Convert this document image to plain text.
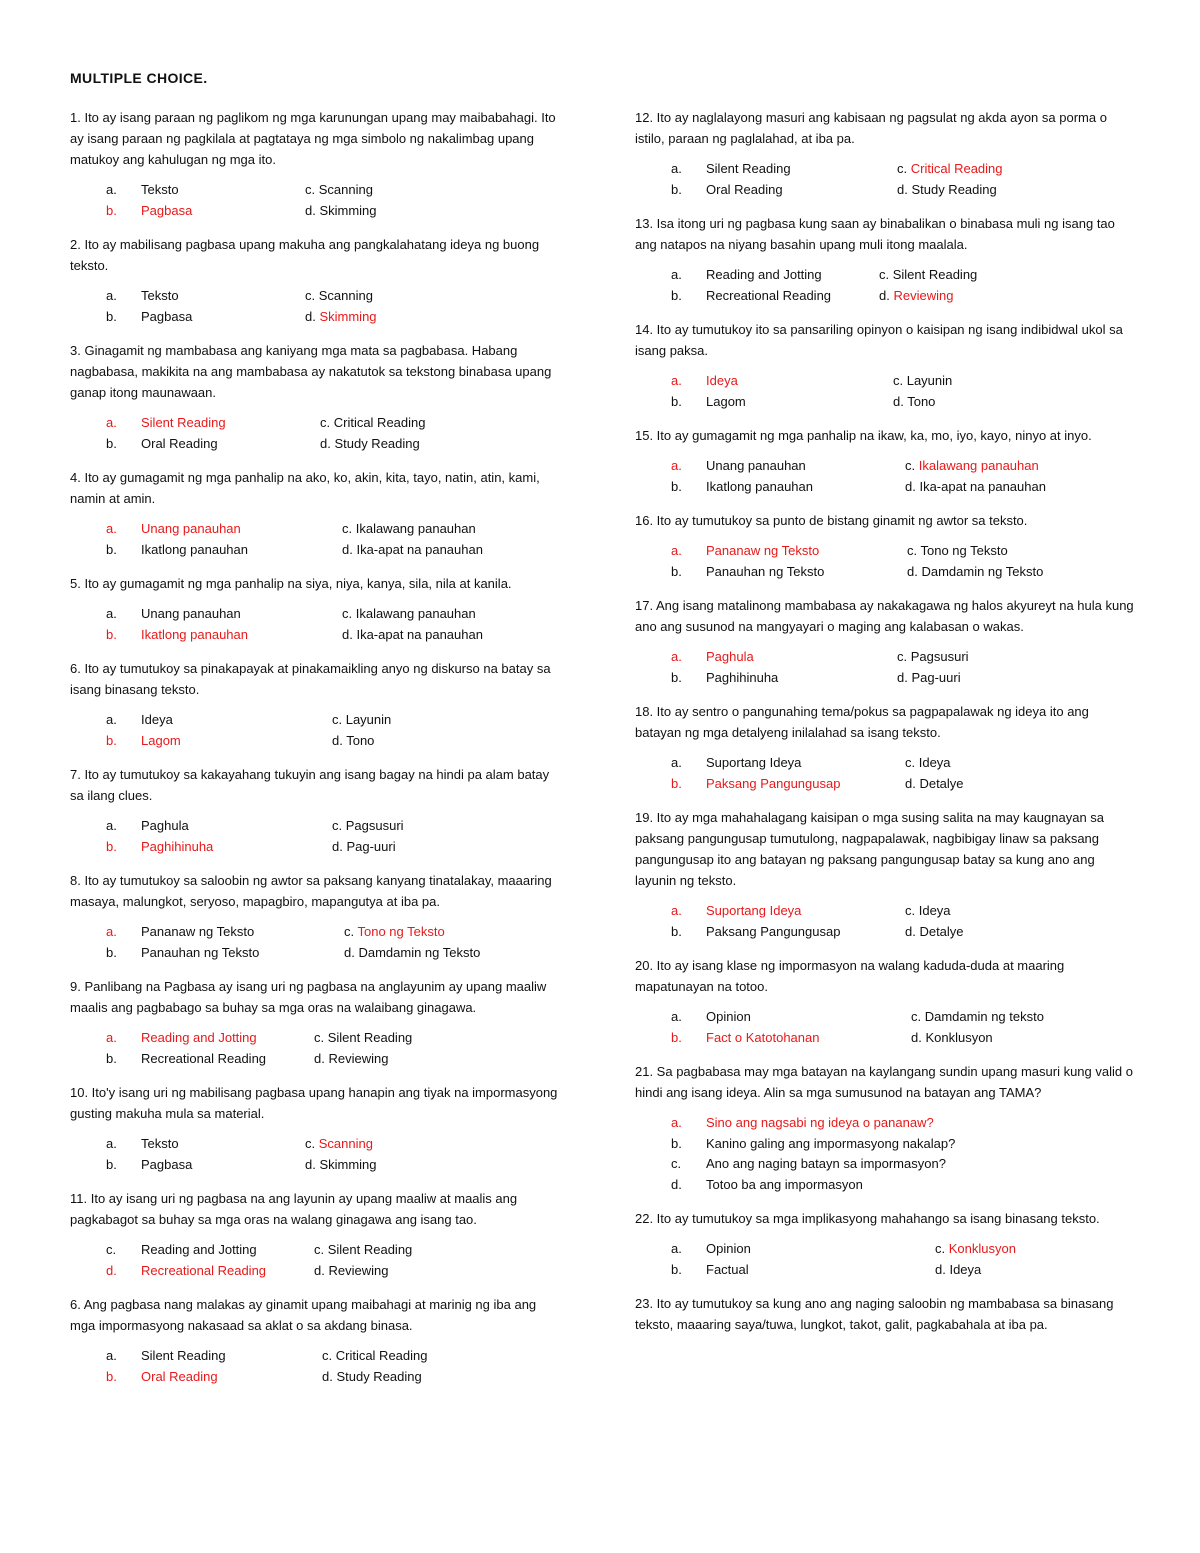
MULTIPLE CHOICE.
1. Ito ay isang paraan ng paglikom ng mga karunungan upang may maibabahagi. Ito ay isang paraan ng pagkilala at pagtataya ng mga simbolo ng nakalimbag upang matukoy ang kahulugan ng mga ito.
a. Teksto	c. Scanning
b. Pagbasa	d. Skimming
2. Ito ay mabilisang pagbasa upang makuha ang pangkalahatang ideya ng buong teksto.
a. Teksto	c. Scanning
b. Pagbasa	d. Skimming
3. Ginagamit ng mambabasa ang kaniyang mga mata sa pagbabasa. Habang nagbabasa, makikita na ang mambabasa ay nakatutok sa tekstong binabasa upang ganap itong maunawaan.
a. Silent Reading	c. Critical Reading
b. Oral Reading	d. Study Reading
4. Ito ay gumagamit ng mga panhalip na ako, ko, akin, kita, tayo, natin, atin, kami, namin at amin.
a. Unang panauhan	c. Ikalawang panauhan
b. Ikatlong panauhan	d. Ika-apat na panauhan
5. Ito ay gumagamit ng mga panhalip na siya, niya, kanya, sila, nila at kanila.
a. Unang panauhan	c. Ikalawang panauhan
b. Ikatlong panauhan	d. Ika-apat na panauhan
6. Ito ay tumutukoy sa pinakapayak at pinakamaikling anyo ng diskurso na batay sa isang binasang teksto.
a. Ideya	c. Layunin
b. Lagom	d. Tono
7. Ito ay tumutukoy sa kakayahang tukuyin ang isang bagay na hindi pa alam batay sa ilang clues.
a. Paghula	c. Pagsusuri
b. Paghihinuha	d. Pag-uuri
8. Ito ay tumutukoy sa saloobin ng awtor sa paksang kanyang tinatalakay, maaaring masaya, malungkot, seryoso, mapagbiro, mapangutya at iba pa.
a. Pananaw ng Teksto	c. Tono ng Teksto
b. Panauhan ng Teksto	d. Damdamin ng Teksto
9. Panlibang na Pagbasa ay isang uri ng pagbasa na anglayunim ay upang maaliw maalis ang pagbabago sa buhay sa mga oras na walaibang ginagawa.
a. Reading and Jotting	c. Silent Reading
b. Recreational Reading	d. Reviewing
10. Ito'y isang uri ng mabilisang pagbasa upang hanapin ang tiyak na impormasyong gusting makuha mula sa material.
a. Teksto	c. Scanning
b. Pagbasa	d. Skimming
11. Ito ay isang uri ng pagbasa na ang layunin ay upang maaliw at maalis ang pagkabagot sa buhay sa mga oras na walang ginagawa ang isang tao.
c. Reading and Jotting	c. Silent Reading
d. Recreational Reading	d. Reviewing
6. Ang pagbasa nang malakas ay ginamit upang maibahagi at marinig ng iba ang mga impormasyong nakasaad sa aklat o sa akdang binasa.
a. Silent Reading	c. Critical Reading
b. Oral Reading	d. Study Reading
12. Ito ay naglalayong masuri ang kabisaan ng pagsulat ng akda ayon sa porma o istilo, paraan ng paglalahad, at iba pa.
a. Silent Reading	c. Critical Reading
b. Oral Reading	d. Study Reading
13. Isa itong uri ng pagbasa kung saan ay binabalikan o binabasa muli ng isang tao ang natapos na niyang basahin upang muli itong maalala.
a. Reading and Jotting	c. Silent Reading
b. Recreational Reading	d. Reviewing
14. Ito ay tumutukoy ito sa pansariling opinyon o kaisipan ng isang indibidwal ukol sa isang paksa.
a. Ideya	c. Layunin
b. Lagom	d. Tono
15. Ito ay gumagamit ng mga panhalip na ikaw, ka, mo, iyo, kayo, ninyo at inyo.
a. Unang panauhan	c. Ikalawang panauhan
b. Ikatlong panauhan	d. Ika-apat na panauhan
16. Ito ay tumutukoy sa punto de bistang ginamit ng awtor sa teksto.
a. Pananaw ng Teksto	c. Tono ng Teksto
b. Panauhan ng Teksto	d. Damdamin ng Teksto
17. Ang isang matalinong mambabasa ay nakakagawa ng halos akyureyt na hula kung ano ang susunod na mangyayari o maging ang kalabasan o wakas.
a. Paghula	c. Pagsusuri
b. Paghihinuha	d. Pag-uuri
18. Ito ay sentro o pangunahing tema/pokus sa pagpapalawak ng ideya ito ang batayan ng mga detalyeng inilalahad sa isang teksto.
a. Suportang Ideya	c. Ideya
b. Paksang Pangungusap	d. Detalye
19. Ito ay mga mahahalagang kaisipan o mga susing salita na may kaugnayan sa paksang pangungusap tumutulong, nagpapalawak, nagbibigay linaw sa paksang pangungusap ito ang batayan ng paksang pangungusap batay sa kung ano ang layunin ng teksto.
a. Suportang Ideya	c. Ideya
b. Paksang Pangungusap	d. Detalye
20. Ito ay isang klase ng impormasyon na walang kaduda-duda at maaring mapatunayan na totoo.
a. Opinion	c. Damdamin ng teksto
b. Fact o Katotohanan	d. Konklusyon
21. Sa pagbabasa may mga batayan na kaylangang sundin upang masuri kung valid o hindi ang isang ideya. Alin sa mga sumusunod na batayan ang TAMA?
a. Sino ang nagsabi ng ideya o pananaw?
b. Kanino galing ang impormasyong nakalap?
c. Ano ang naging batayn sa impormasyon?
d. Totoo ba ang impormasyon
22. Ito ay tumutukoy sa mga implikasyong mahahango sa isang binasang teksto.
a. Opinion	c. Konklusyon
b. Factual	d. Ideya
23. Ito ay tumutukoy sa kung ano ang naging saloobin ng mambabasa sa binasang teksto, maaaring saya/tuwa, lungkot, takot, galit, pagkabahala at iba pa.
